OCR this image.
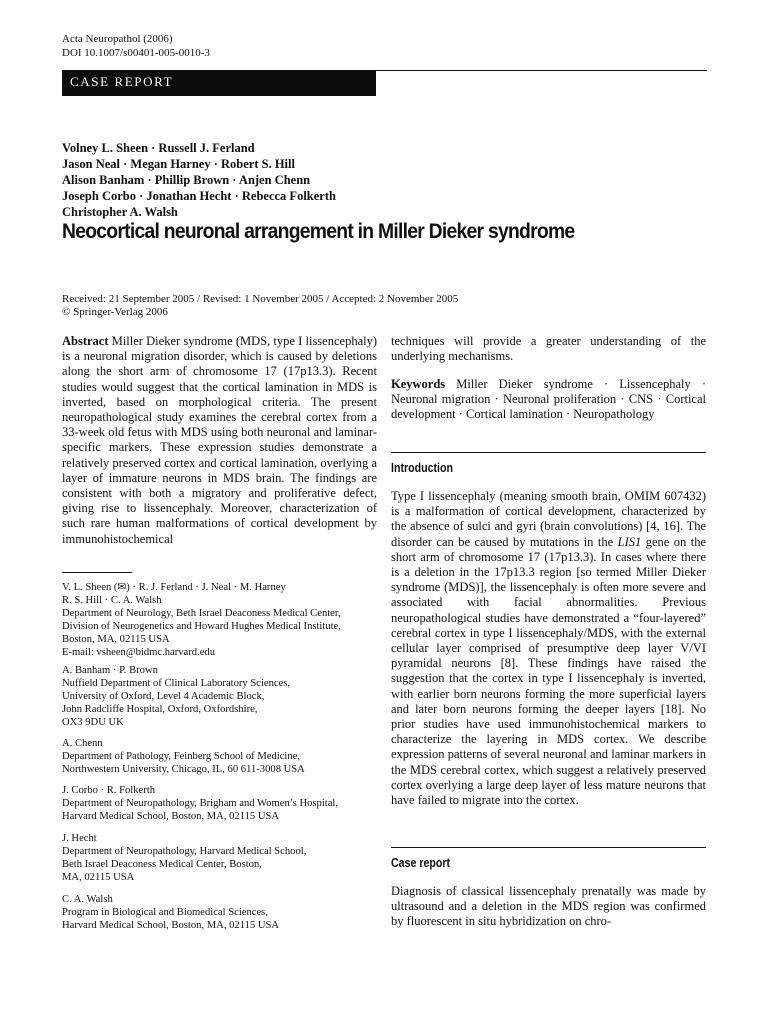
Acta Neuropathol (2006)
DOI 10.1007/s00401-005-0010-3
CASE REPORT
Volney L. Sheen · Russell J. Ferland
Jason Neal · Megan Harney · Robert S. Hill
Alison Banham · Phillip Brown · Anjen Chenn
Joseph Corbo · Jonathan Hecht · Rebecca Folkerth
Christopher A. Walsh
Neocortical neuronal arrangement in Miller Dieker syndrome
Received: 21 September 2005 / Revised: 1 November 2005 / Accepted: 2 November 2005
© Springer-Verlag 2006
Abstract Miller Dieker syndrome (MDS, type I lissencephaly) is a neuronal migration disorder, which is caused by deletions along the short arm of chromosome 17 (17p13.3). Recent studies would suggest that the cortical lamination in MDS is inverted, based on morphological criteria. The present neuropathological study examines the cerebral cortex from a 33-week old fetus with MDS using both neuronal and laminar-specific markers. These expression studies demonstrate a relatively preserved cortex and cortical lamination, overlying a layer of immature neurons in MDS brain. The findings are consistent with both a migratory and proliferative defect, giving rise to lissencephaly. Moreover, characterization of such rare human malformations of cortical development by immunohistochemical
V. L. Sheen (✉) · R. J. Ferland · J. Neal · M. Harney
R. S. Hill · C. A. Walsh
Department of Neurology, Beth Israel Deaconess Medical Center,
Division of Neurogenetics and Howard Hughes Medical Institute,
Boston, MA, 02115 USA
E-mail: vsheen@bidmc.harvard.edu
A. Banham · P. Brown
Nuffield Department of Clinical Laboratory Sciences,
University of Oxford, Level 4 Academic Block,
John Radcliffe Hospital, Oxford, Oxfordshire,
OX3 9DU UK
A. Chenn
Department of Pathology, Feinberg School of Medicine,
Northwestern University, Chicago, IL, 60 611-3008 USA
J. Corbo · R. Folkerth
Department of Neuropathology, Brigham and Women’s Hospital,
Harvard Medical School, Boston, MA, 02115 USA
J. Hecht
Department of Neuropathology, Harvard Medical School,
Beth Israel Deaconess Medical Center, Boston,
MA, 02115 USA
C. A. Walsh
Program in Biological and Biomedical Sciences,
Harvard Medical School, Boston, MA, 02115 USA
techniques will provide a greater understanding of the underlying mechanisms.
Keywords Miller Dieker syndrome · Lissencephaly · Neuronal migration · Neuronal proliferation · CNS · Cortical development · Cortical lamination · Neuropathology
Introduction
Type I lissencephaly (meaning smooth brain, OMIM 607432) is a malformation of cortical development, characterized by the absence of sulci and gyri (brain convolutions) [4, 16]. The disorder can be caused by mutations in the LIS1 gene on the short arm of chromosome 17 (17p13.3). In cases where there is a deletion in the 17p13.3 region [so termed Miller Dieker syndrome (MDS)], the lissencephaly is often more severe and associated with facial abnormalities. Previous neuropathological studies have demonstrated a “four-layered” cerebral cortex in type I lissencephaly/MDS, with the external cellular layer comprised of presumptive deep layer V/VI pyramidal neurons [8]. These findings have raised the suggestion that the cortex in type I lissencephaly is inverted, with earlier born neurons forming the more superficial layers and later born neurons forming the deeper layers [18]. No prior studies have used immunohistochemical markers to characterize the layering in MDS cortex. We describe expression patterns of several neuronal and laminar markers in the MDS cerebral cortex, which suggest a relatively preserved cortex overlying a large deep layer of less mature neurons that have failed to migrate into the cortex.
Case report
Diagnosis of classical lissencephaly prenatally was made by ultrasound and a deletion in the MDS region was confirmed by fluorescent in situ hybridization on chro-
